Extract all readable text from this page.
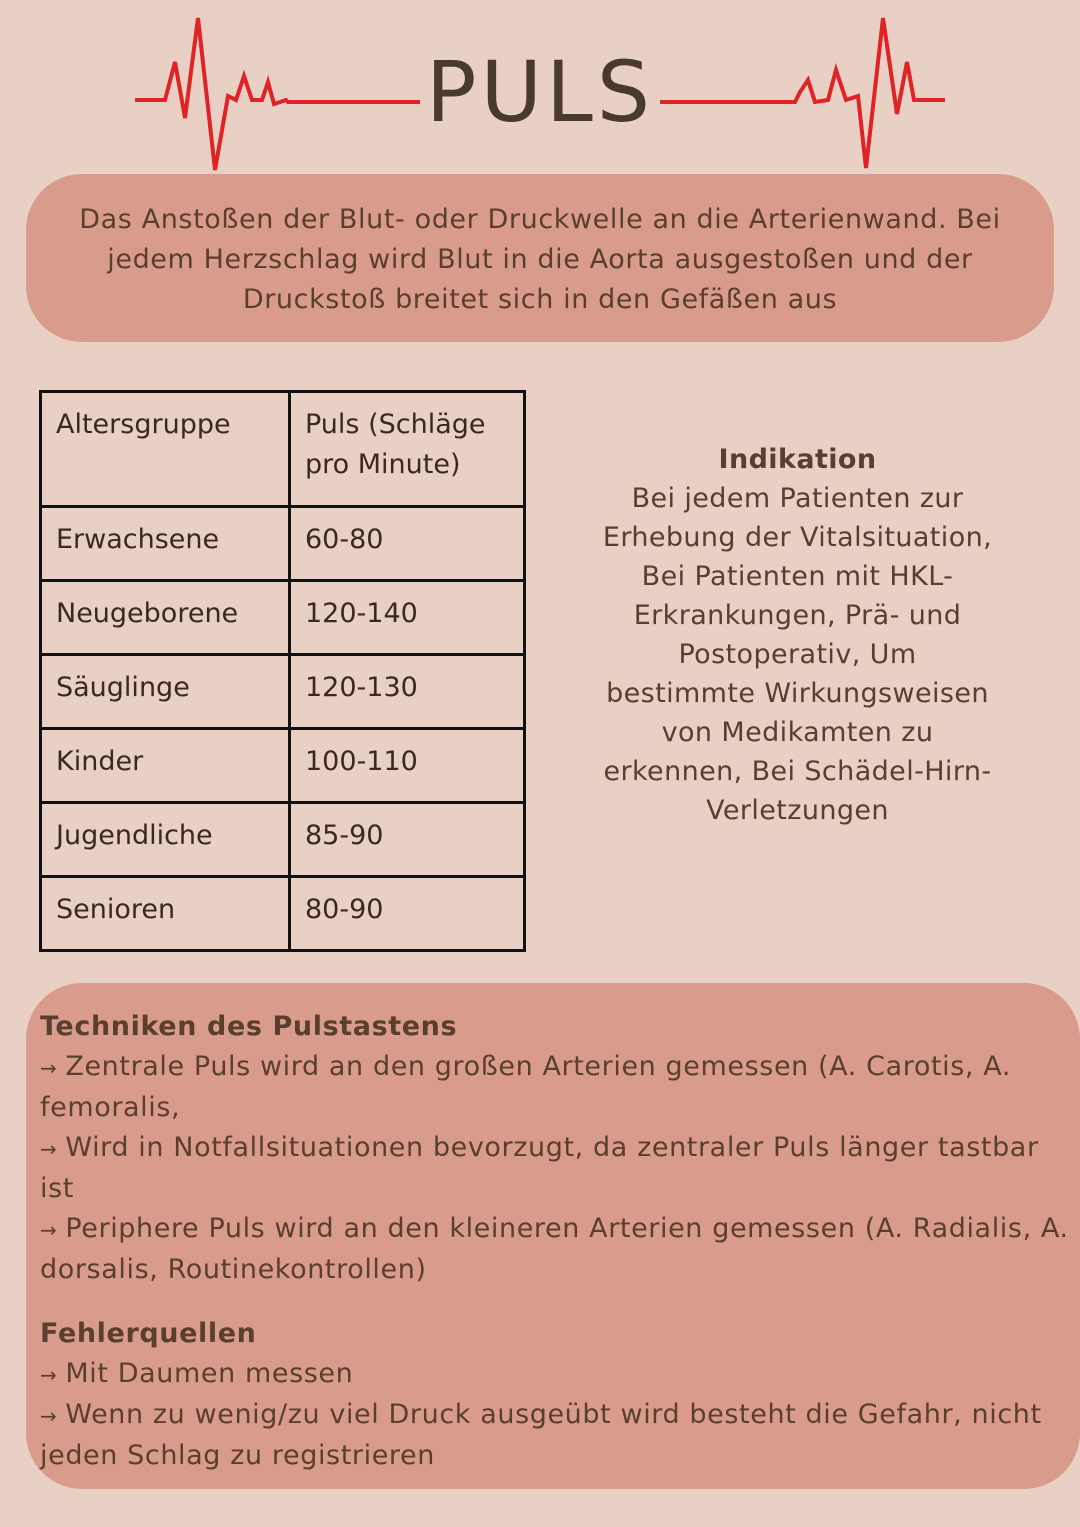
PULS
Das Anstoßen der Blut- oder Druckwelle an die Arterienwand. Bei jedem Herzschlag wird Blut in die Aorta ausgestoßen und der Druckstoß breitet sich in den Gefäßen aus
Altersgruppe	Puls (Schläge pro Minute)
Erwachsene	60-80
Neugeborene	120-140
Säuglinge	120-130
Kinder	100-110
Jugendliche	85-90
Senioren	80-90
Indikation
Bei jedem Patienten zur Erhebung der Vitalsituation, Bei Patienten mit HKL-Erkrankungen, Prä- und Postoperativ, Um bestimmte Wirkungsweisen von Medikamten zu erkennen, Bei Schädel-Hirn-Verletzungen
Techniken des Pulstastens
→ Zentrale Puls wird an den großen Arterien gemessen (A. Carotis, A. femoralis,
→ Wird in Notfallsituationen bevorzugt, da zentraler Puls länger tastbar ist
→ Periphere Puls wird an den kleineren Arterien gemessen (A. Radialis, A. dorsalis, Routinekontrollen)
Fehlerquellen
→ Mit Daumen messen
→ Wenn zu wenig/zu viel Druck ausgeübt wird besteht die Gefahr, nicht jeden Schlag zu registrieren
